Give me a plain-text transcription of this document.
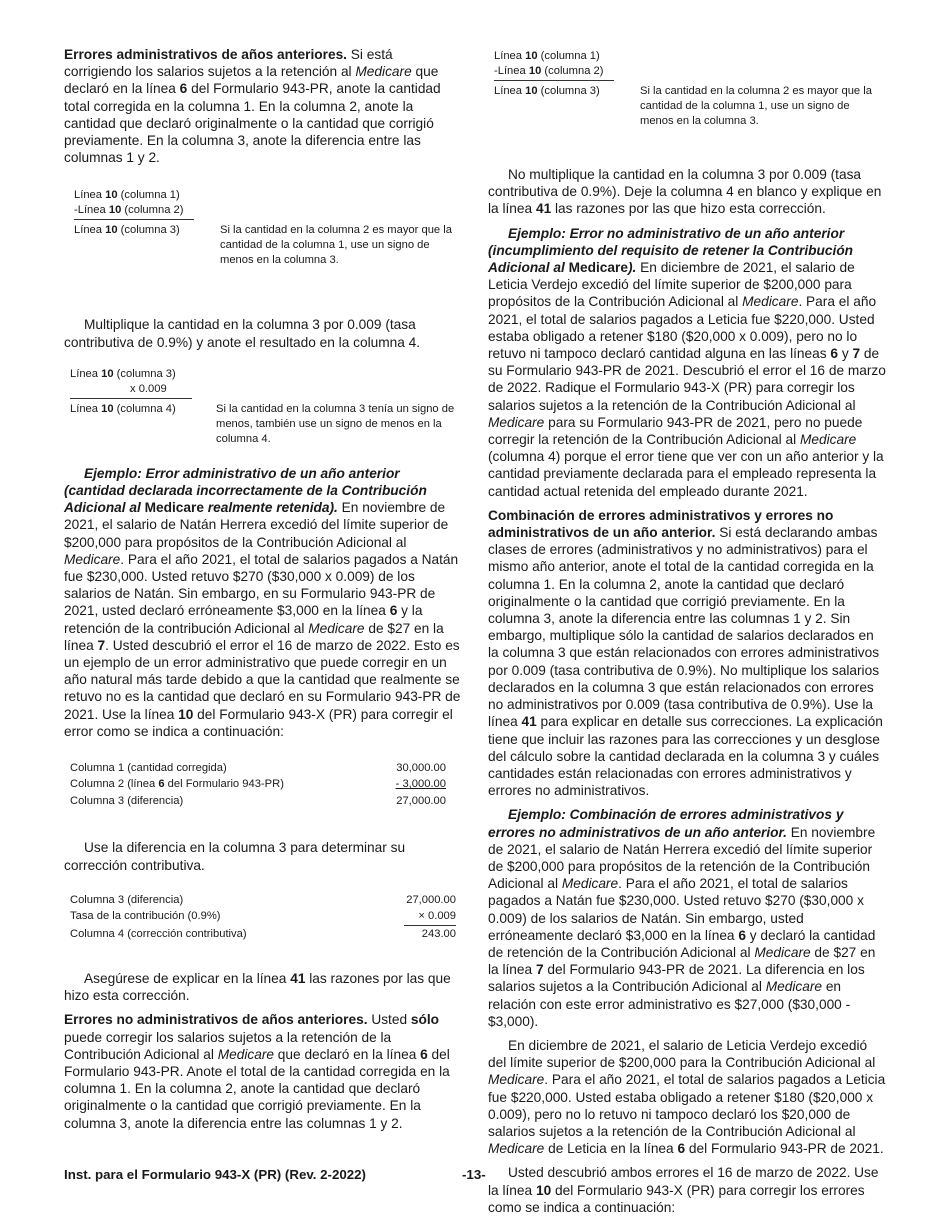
Errores administrativos de años anteriores. Si está corrigiendo los salarios sujetos a la retención al Medicare que declaró en la línea 6 del Formulario 943-PR, anote la cantidad total corregida en la columna 1. En la columna 2, anote la cantidad que declaró originalmente o la cantidad que corrigió previamente. En la columna 3, anote la diferencia entre las columnas 1 y 2.

Línea 10 (columna 1)
-Línea 10 (columna 2)
Línea 10 (columna 3)	Si la cantidad en la columna 2 es mayor que la cantidad de la columna 1, use un signo de menos en la columna 3.

Multiplique la cantidad en la columna 3 por 0.009 (tasa contributiva de 0.9%) y anote el resultado en la columna 4.

Línea 10 (columna 3)
x 0.009
Línea 10 (columna 4)	Si la cantidad en la columna 3 tenía un signo de menos, también use un signo de menos en la columna 4.

Ejemplo: Error administrativo de un año anterior (cantidad declarada incorrectamente de la Contribución Adicional al Medicare realmente retenida). En noviembre de 2021, el salario de Natán Herrera excedió del límite superior de $200,000 para propósitos de la Contribución Adicional al Medicare. Para el año 2021, el total de salarios pagados a Natán fue $230,000. Usted retuvo $270 ($30,000 x 0.009) de los salarios de Natán. Sin embargo, en su Formulario 943-PR de 2021, usted declaró erróneamente $3,000 en la línea 6 y la retención de la contribución Adicional al Medicare de $27 en la línea 7. Usted descubrió el error el 16 de marzo de 2022. Esto es un ejemplo de un error administrativo que puede corregir en un año natural más tarde debido a que la cantidad que realmente se retuvo no es la cantidad que declaró en su Formulario 943-PR de 2021. Use la línea 10 del Formulario 943-X (PR) para corregir el error como se indica a continuación:

Columna 1 (cantidad corregida)	30,000.00
Columna 2 (línea 6 del Formulario 943-PR)	- 3,000.00
Columna 3 (diferencia)	27,000.00

Use la diferencia en la columna 3 para determinar su corrección contributiva.

Columna 3 (diferencia)	27,000.00
Tasa de la contribución (0.9%)	× 0.009
Columna 4 (corrección contributiva)	243.00

Asegúrese de explicar en la línea 41 las razones por las que hizo esta corrección.

Errores no administrativos de años anteriores. Usted sólo puede corregir los salarios sujetos a la retención de la Contribución Adicional al Medicare que declaró en la línea 6 del Formulario 943-PR. Anote el total de la cantidad corregida en la columna 1. En la columna 2, anote la cantidad que declaró originalmente o la cantidad que corrigió previamente. En la columna 3, anote la diferencia entre las columnas 1 y 2.

Línea 10 (columna 1)
-Línea 10 (columna 2)
Línea 10 (columna 3)	Si la cantidad en la columna 2 es mayor que la cantidad de la columna 1, use un signo de menos en la columna 3.

No multiplique la cantidad en la columna 3 por 0.009 (tasa contributiva de 0.9%). Deje la columna 4 en blanco y explique en la línea 41 las razones por las que hizo esta corrección.

Ejemplo: Error no administrativo de un año anterior (incumplimiento del requisito de retener la Contribución Adicional al Medicare). En diciembre de 2021, el salario de Leticia Verdejo excedió del límite superior de $200,000 para propósitos de la Contribución Adicional al Medicare. Para el año 2021, el total de salarios pagados a Leticia fue $220,000. Usted estaba obligado a retener $180 ($20,000 x 0.009), pero no lo retuvo ni tampoco declaró cantidad alguna en las líneas 6 y 7 de su Formulario 943-PR de 2021. Descubrió el error el 16 de marzo de 2022. Radique el Formulario 943-X (PR) para corregir los salarios sujetos a la retención de la Contribución Adicional al Medicare para su Formulario 943-PR de 2021, pero no puede corregir la retención de la Contribución Adicional al Medicare (columna 4) porque el error tiene que ver con un año anterior y la cantidad previamente declarada para el empleado representa la cantidad actual retenida del empleado durante 2021.

Combinación de errores administrativos y errores no administrativos de un año anterior. Si está declarando ambas clases de errores (administrativos y no administrativos) para el mismo año anterior, anote el total de la cantidad corregida en la columna 1. En la columna 2, anote la cantidad que declaró originalmente o la cantidad que corrigió previamente. En la columna 3, anote la diferencia entre las columnas 1 y 2. Sin embargo, multiplique sólo la cantidad de salarios declarados en la columna 3 que están relacionados con errores administrativos por 0.009 (tasa contributiva de 0.9%). No multiplique los salarios declarados en la columna 3 que están relacionados con errores no administrativos por 0.009 (tasa contributiva de 0.9%). Use la línea 41 para explicar en detalle sus correcciones. La explicación tiene que incluir las razones para las correcciones y un desglose del cálculo sobre la cantidad declarada en la columna 3 y cuáles cantidades están relacionadas con errores administrativos y errores no administrativos.

Ejemplo: Combinación de errores administrativos y errores no administrativos de un año anterior. En noviembre de 2021, el salario de Natán Herrera excedió del límite superior de $200,000 para propósitos de la retención de la Contribución Adicional al Medicare. Para el año 2021, el total de salarios pagados a Natán fue $230,000. Usted retuvo $270 ($30,000 x 0.009) de los salarios de Natán. Sin embargo, usted erróneamente declaró $3,000 en la línea 6 y declaró la cantidad de retención de la Contribución Adicional al Medicare de $27 en la línea 7 del Formulario 943-PR de 2021. La diferencia en los salarios sujetos a la Contribución Adicional al Medicare en relación con este error administrativo es $27,000 ($30,000 - $3,000).

En diciembre de 2021, el salario de Leticia Verdejo excedió del límite superior de $200,000 para la Contribución Adicional al Medicare. Para el año 2021, el total de salarios pagados a Leticia fue $220,000. Usted estaba obligado a retener $180 ($20,000 x 0.009), pero no lo retuvo ni tampoco declaró los $20,000 de salarios sujetos a la retención de la Contribución Adicional al Medicare de Leticia en la línea 6 del Formulario 943-PR de 2021.

Usted descubrió ambos errores el 16 de marzo de 2022. Use la línea 10 del Formulario 943-X (PR) para corregir los errores como se indica a continuación:

Inst. para el Formulario 943-X (PR) (Rev. 2-2022)	-13-
